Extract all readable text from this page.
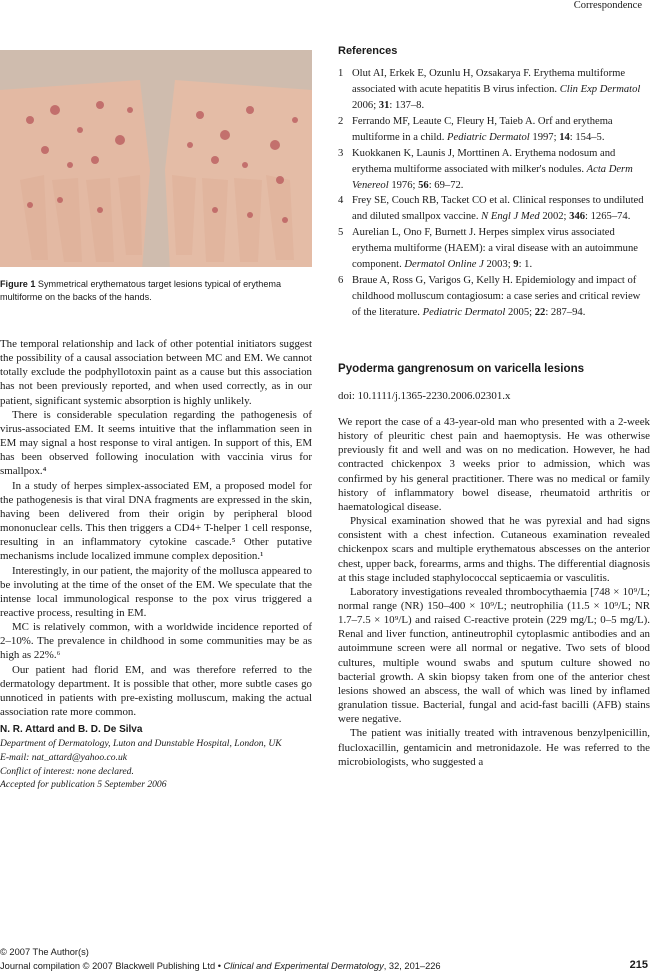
Correspondence
Figure 1 Symmetrical erythematous target lesions typical of erythema multiforme on the backs of the hands.

The temporal relationship and lack of other potential initiators suggest the possibility of a causal association between MC and EM. We cannot totally exclude the podphyllotoxin paint as a cause but this association has not been previously reported, and when used correctly, as in our patient, significant systemic absorption is highly unlikely.

There is considerable speculation regarding the pathogenesis of virus-associated EM. It seems intuitive that the inflammation seen in EM may signal a host response to viral antigen. In support of this, EM has been observed following inoculation with vaccinia virus for smallpox.⁴

In a study of herpes simplex-associated EM, a proposed model for the pathogenesis is that viral DNA fragments are expressed in the skin, having been delivered from their origin by peripheral blood mononuclear cells. This then triggers a CD4+ T-helper 1 cell response, resulting in an inflammatory cytokine cascade.⁵ Other putative mechanisms include localized immune complex deposition.¹

Interestingly, in our patient, the majority of the mollusca appeared to be involuting at the time of the onset of the EM. We speculate that the intense local immunological response to the pox virus triggered a reactive process, resulting in EM.

MC is relatively common, with a worldwide incidence reported of 2–10%. The prevalence in childhood in some communities may be as high as 22%.⁶

Our patient had florid EM, and was therefore referred to the dermatology department. It is possible that other, more subtle cases go unnoticed in patients with pre-existing molluscum, making the actual association rate more common.

N. R. Attard and B. D. De Silva
Department of Dermatology, Luton and Dunstable Hospital, London, UK
E-mail: nat_attard@yahoo.co.uk
Conflict of interest: none declared.
Accepted for publication 5 September 2006
References
1 Olut AI, Erkek E, Ozunlu H, Ozsakarya F. Erythema multiforme associated with acute hepatitis B virus infection. Clin Exp Dermatol 2006; 31: 137–8.
2 Ferrando MF, Leaute C, Fleury H, Taieb A. Orf and erythema multiforme in a child. Pediatric Dermatol 1997; 14: 154–5.
3 Kuokkanen K, Launis J, Morttinen A. Erythema nodosum and erythema multiforme associated with milker's nodules. Acta Derm Venereol 1976; 56: 69–72.
4 Frey SE, Couch RB, Tacket CO et al. Clinical responses to undiluted and diluted smallpox vaccine. N Engl J Med 2002; 346: 1265–74.
5 Aurelian L, Ono F, Burnett J. Herpes simplex virus associated erythema multiforme (HAEM): a viral disease with an autoimmune component. Dermatol Online J 2003; 9: 1.
6 Braue A, Ross G, Varigos G, Kelly H. Epidemiology and impact of childhood molluscum contagiosum: a case series and critical review of the literature. Pediatric Dermatol 2005; 22: 287–94.
Pyoderma gangrenosum on varicella lesions
doi: 10.1111/j.1365-2230.2006.02301.x

We report the case of a 43-year-old man who presented with a 2-week history of pleuritic chest pain and haemoptysis. He was otherwise previously fit and well and was on no medication. However, he had contracted chickenpox 3 weeks prior to admission, which was confirmed by his general practitioner. There was no medical or family history of inflammatory bowel disease, rheumatoid arthritis or haematological disease.

Physical examination showed that he was pyrexial and had signs consistent with a chest infection. Cutaneous examination revealed chickenpox scars and multiple erythematous abscesses on the anterior chest, upper back, forearms, arms and thighs. The differential diagnosis at this stage included staphylococcal septicaemia or vasculitis.

Laboratory investigations revealed thrombocythaemia [748 × 10⁹/L; normal range (NR) 150–400 × 10⁹/L; neutrophilia (11.5 × 10⁹/L; NR 1.7–7.5 × 10⁹/L) and raised C-reactive protein (229 mg/L; 0–5 mg/L). Renal and liver function, antineutrophil cytoplasmic antibodies and an autoimmune screen were all normal or negative. Two sets of blood cultures, multiple wound swabs and sputum culture showed no bacterial growth. A skin biopsy taken from one of the anterior chest lesions showed an abscess, the wall of which was lined by inflamed granulation tissue. Bacterial, fungal and acid-fast bacilli (AFB) stains were negative.

The patient was initially treated with intravenous benzylpenicillin, flucloxacillin, gentamicin and metronidazole. He was referred to the microbiologists, who suggested a

© 2007 The Author(s)
Journal compilation © 2007 Blackwell Publishing Ltd • Clinical and Experimental Dermatology, 32, 201–226	215
